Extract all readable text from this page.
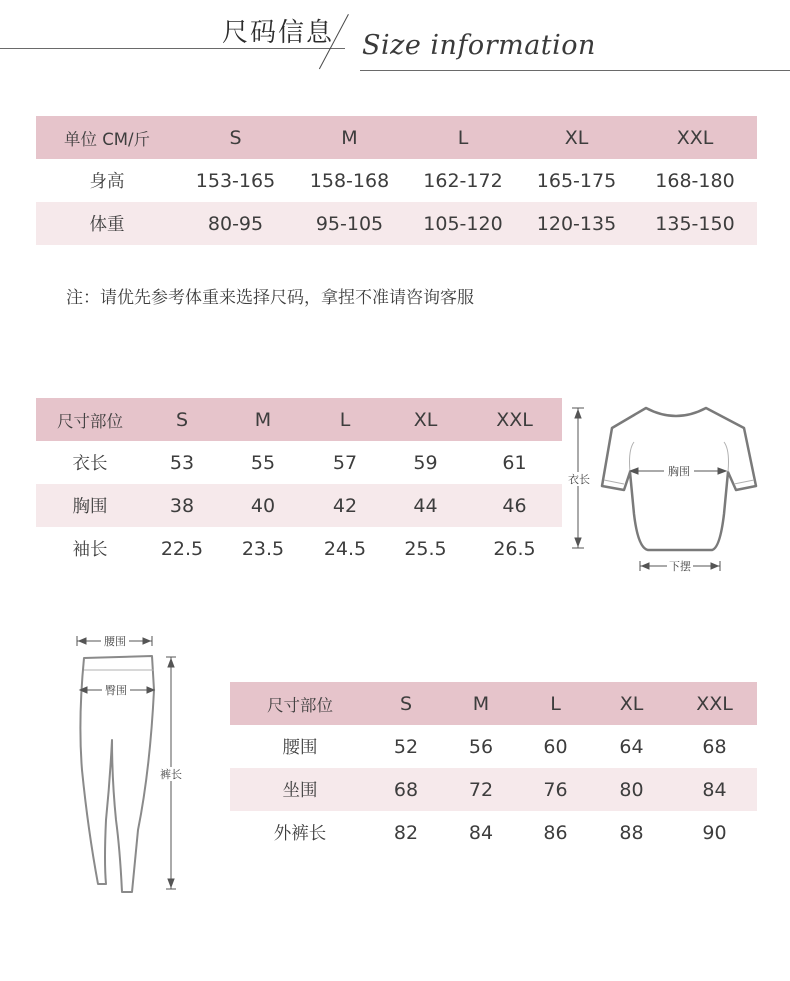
尺码信息 Size information
单位 CM/斤	S	M	L	XL	XXL
身高	153-165	158-168	162-172	165-175	168-180
体重	80-95	95-105	105-120	120-135	135-150
注：请优先参考体重来选择尺码，拿捏不准请咨询客服
尺寸部位	S	M	L	XL	XXL
衣长	53	55	57	59	61
胸围	38	40	42	44	46
袖长	22.5	23.5	24.5	25.5	26.5
衣长
胸围
下摆
腰围
臀围
裤长
尺寸部位	S	M	L	XL	XXL
腰围	52	56	60	64	68
坐围	68	72	76	80	84
外裤长	82	84	86	88	90
